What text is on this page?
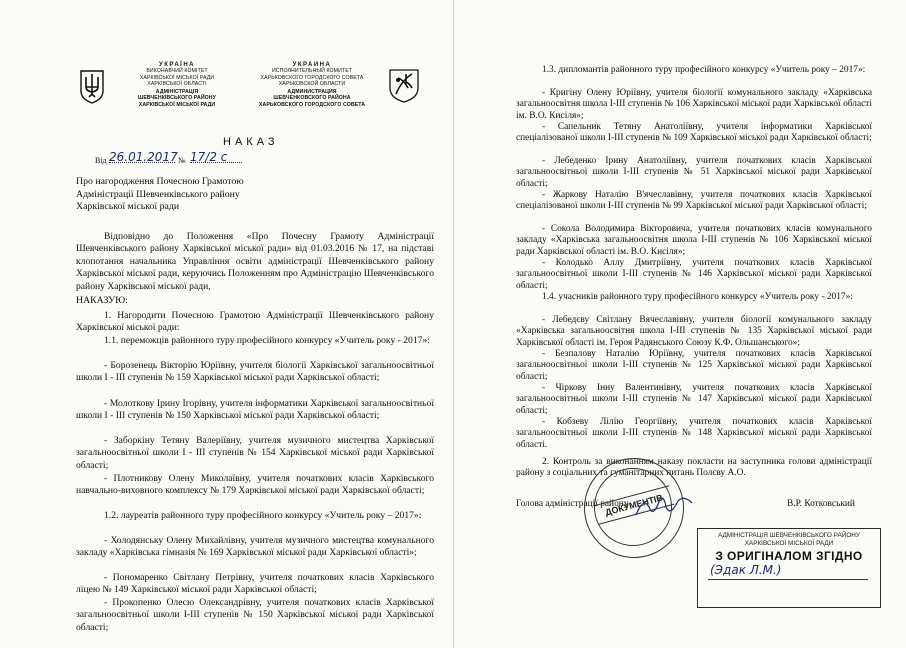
УКРАЇНА
ВИКОНАВЧИЙ КОМІТЕТ
ХАРКІВСЬКОЇ МІСЬКОЇ РАДИ
ХАРКІВСЬКОЇ ОБЛАСТІ
АДМІНІСТРАЦІЯ
ШЕВЧЕНКІВСЬКОГО РАЙОНУ
ХАРКІВСЬКОЇ МІСЬКОЇ РАДИ
УКРАИНА
ИСПОЛНИТЕЛЬНЫЙ КОМИТЕТ
ХАРЬКОВСКОГО ГОРОДСКОГО СОВЕТА
ХАРЬКОВСКОЙ ОБЛАСТИ
АДМИНИСТРАЦИЯ
ШЕВЧЕНКОВСКОГО РАЙОНА
ХАРЬКОВСКОГО ГОРОДСКОГО СОВЕТА
НАКАЗ
Від 26.01.2017 № 17/2 с
Про нагородження Почесною Грамотою
Адміністрації Шевченківського району
Харківської міської ради
Відповідно до Положення «Про Почесну Грамоту Адміністрації Шевченківського району Харківської міської ради» від 01.03.2016 № 17, на підставі клопотання начальника Управління освіти адміністрації Шевченківського району Харківської міської ради, керуючись Положенням про Адміністрацію Шевченківського району Харківської міської ради,
НАКАЗУЮ:
1. Нагородити Почесною Грамотою Адміністрації Шевченківського району Харківської міської ради:
1.1. переможців районного туру професійного конкурсу «Учитель року - 2017»:
- Борозенець Вікторію Юріївну, учителя біології Харківської загальноосвітньої школи І - ІІІ ступенів № 159 Харківської міської ради Харківської області;
- Молоткову Ірину Ігорівну, учителя інформатики Харківської загальноосвітньої школи І - ІІІ ступенів № 150 Харківської міської ради Харківської області;
- Заборкіну Тетяну Валеріївну, учителя музичного мистецтва Харківської загальноосвітньої школи І - ІІІ ступенів № 154 Харківської міської ради Харківської області;
- Плотникову Олену Миколаївну, учителя початкових класів Харківського навчально-виховного комплексу № 179 Харківської міської ради Харківської області;
1.2. лауреатів районного туру професійного конкурсу «Учитель року – 2017»:
- Холодянську Олену Михайлівну, учителя музичного мистецтва комунального закладу «Харківська гімназія № 169 Харківської міської ради Харківської області»;
- Пономаренко Світлану Петрівну, учителя початкових класів Харківського ліцею № 149 Харківської міської ради Харківської області;
- Прокопенко Олесю Олександрівну, учителя початкових класів Харківської загальноосвітньої школи І-ІІІ ступенів № 150 Харківської міської ради Харківської області;
1.3. дипломантів районного туру професійного конкурсу «Учитель року – 2017»:
- Кригіну Олену Юріївну, учителя біології комунального закладу «Харківська загальноосвітня школа І-ІІІ ступенів № 106 Харківської міської ради Харківської області ім. В.О. Кисіля»;
- Сапельник Тетяну Анатоліївну, учителя інформатики Харківської спеціалізованої школи І-ІІІ ступенів № 109 Харківської міської ради Харківської області;
- Лебеденко Ірину Анатоліївну, учителя початкових класів Харківської загальноосвітньої школи І-ІІІ ступенів № 51 Харківської міської ради Харківської області;
- Жаркову Наталію В'ячеславівну, учителя початкових класів Харківської спеціалізованої школи І-ІІІ ступенів № 99 Харківської міської ради Харківської області;
- Сокола Володимира Вікторовича, учителя початкових класів комунального закладу «Харківська загальноосвітня школа І-ІІІ ступенів № 106 Харківської міської ради Харківської області ім. В.О. Кисіля»;
- Колодько Аллу Дмитріївну, учителя початкових класів Харківської загальноосвітньої школи І-ІІІ ступенів № 146 Харківської міської ради Харківської області;
1.4. учасників районного туру професійного конкурсу «Учитель року - 2017»:
- Лебедєву Світлану Вячеславівну, учителя біології комунального закладу «Харківська загальноосвітня школа І-ІІІ ступенів № 135 Харківської міської ради Харківської області ім. Героя Радянського Союзу К.Ф. Ольшанського»;
- Безпалову Наталію Юріївну, учителя початкових класів Харківської загальноосвітньої школи І-ІІІ ступенів № 125 Харківської міської ради Харківської області;
- Чіркову Інну Валентинівну, учителя початкових класів Харківської загальноосвітньої школи І-ІІІ ступенів № 147 Харківської міської ради Харківської області;
- Кобзеву Лілію Георгіївну, учителя початкових класів Харківської загальноосвітньої школи І-ІІІ ступенів № 148 Харківської міської ради Харківської області.
2. Контроль за виконанням наказу покласти на заступника голови адміністрації району з соціальних та гуманітарних питань Полєву А.О.
Голова адміністрації району	В.Р. Котковський
ДОКУМЕНТІВ
АДМІНІСТРАЦІЯ ШЕВЧЕНКІВСЬКОГО РАЙОНУ
ХАРКІВСЬКОЇ МІСЬКОЇ РАДИ
З ОРИГІНАЛОМ ЗГІДНО
(Эдак Л.М.)
